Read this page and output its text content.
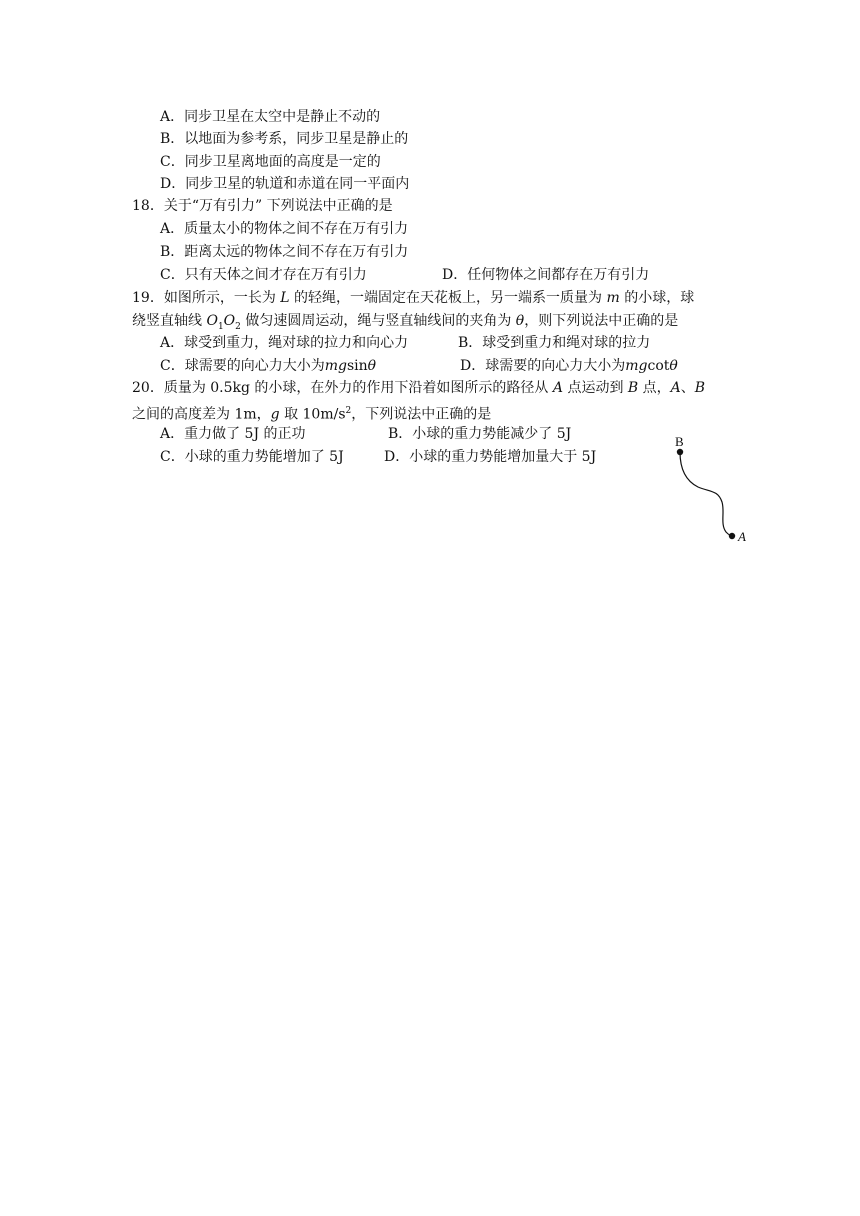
A．同步卫星在太空中是静止不动的
B．以地面为参考系，同步卫星是静止的
C．同步卫星离地面的高度是一定的
D．同步卫星的轨道和赤道在同一平面内
18．关于“万有引力” 下列说法中正确的是
A．质量太小的物体之间不存在万有引力
B．距离太远的物体之间不存在万有引力
C．只有天体之间才存在万有引力	D．任何物体之间都存在万有引力
19．如图所示，一长为 L 的轻绳，一端固定在天花板上，另一端系一质量为 m 的小球，球
绕竖直轴线 $O_1O_2$ 做匀速圆周运动，绳与竖直轴线间的夹角为 θ，则下列说法中正确的是
A．球受到重力，绳对球的拉力和向心力	B．球受到重力和绳对球的拉力
C．球需要的向心力大小为mgsinθ	D．球需要的向心力大小为mgcotθ
20．质量为 0.5kg 的小球，在外力的作用下沿着如图所示的路径从 A 点运动到 B 点，A、B
之间的高度差为 1m，g 取 $10m/s^2$，下列说法中正确的是
A．重力做了 5J 的正功	B．小球的重力势能减少了 5J
C．小球的重力势能增加了 5J	D．小球的重力势能增加量大于 5J
B
A
